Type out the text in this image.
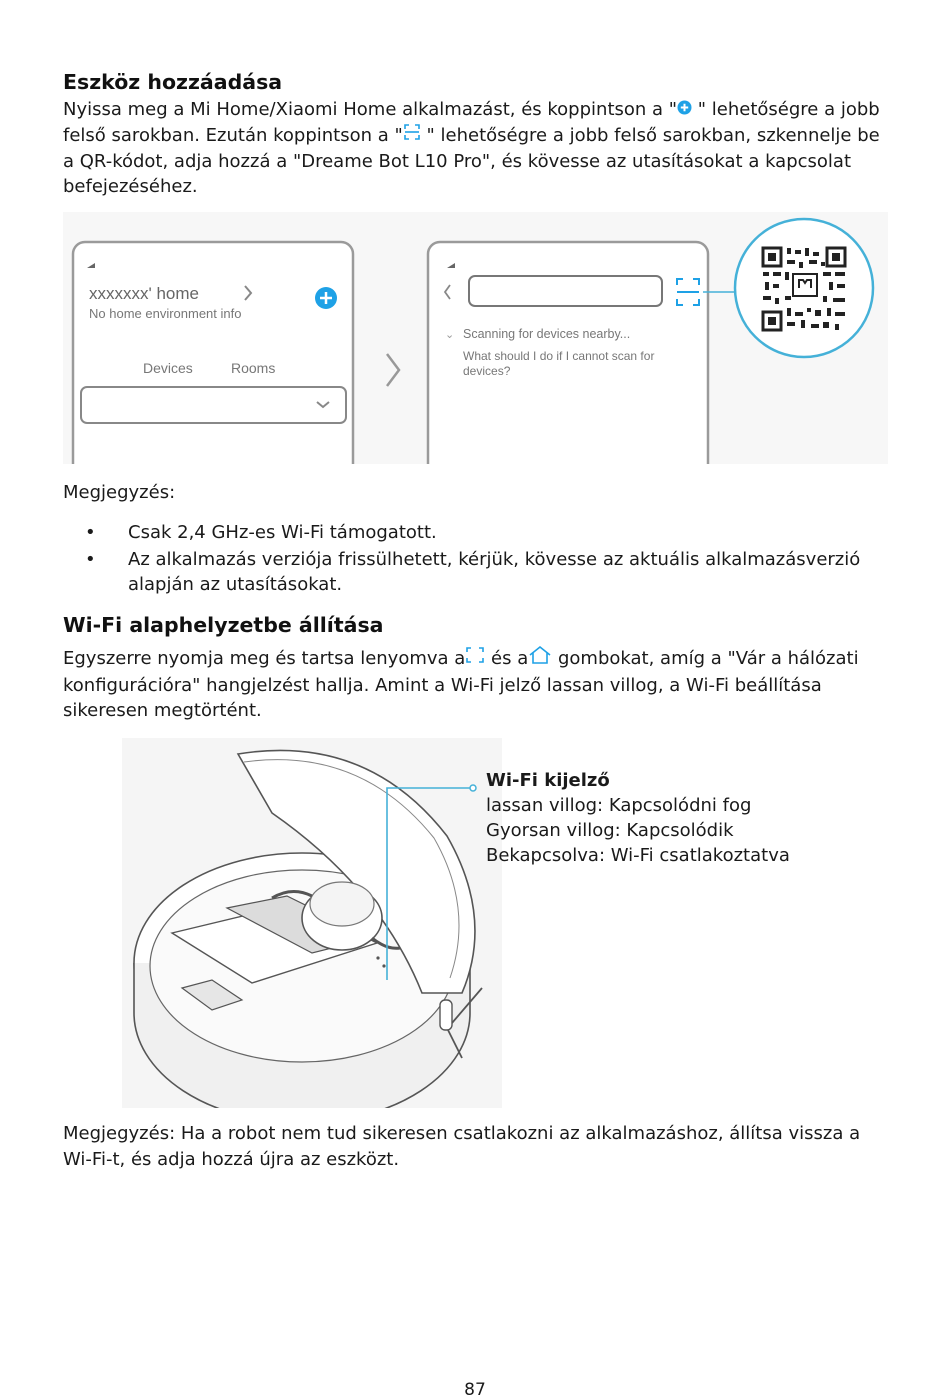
Eszköz hozzáadása

Nyissa meg a Mi Home/Xiaomi Home alkalmazást, és koppintson a " " lehetőségre a jobb felső sarokban. Ezután koppintson a " " lehetőségre a jobb felső sarokban, szkennelje be a QR-kódot, adja hozzá a "Dreame Bot L10 Pro", és kövesse az utasításokat a kapcsolat befejezéséhez.

xxxxxxx' home
No home environment info
Devices	Rooms
⌄ Scanning for devices nearby...
What should I do if I cannot scan for
devices?

Megjegyzés:

• Csak 2,4 GHz-es Wi-Fi támogatott.
• Az alkalmazás verziója frissülhetett, kérjük, kövesse az aktuális alkalmazásverzió alapján az utasításokat.
Wi-Fi alaphelyzetbe állítása

Egyszerre nyomja meg és tartsa lenyomva a és a gombokat, amíg a "Vár a hálózati konfigurációra" hangjelzést hallja. Amint a Wi-Fi jelző lassan villog, a Wi-Fi beállítása sikeresen megtörtént.

Wi-Fi kijelző
lassan villog: Kapcsolódni fog
Gyorsan villog: Kapcsolódik
Bekapcsolva: Wi-Fi csatlakoztatva

Megjegyzés: Ha a robot nem tud sikeresen csatlakozni az alkalmazáshoz, állítsa vissza a Wi-Fi-t, és adja hozzá újra az eszközt.

87
